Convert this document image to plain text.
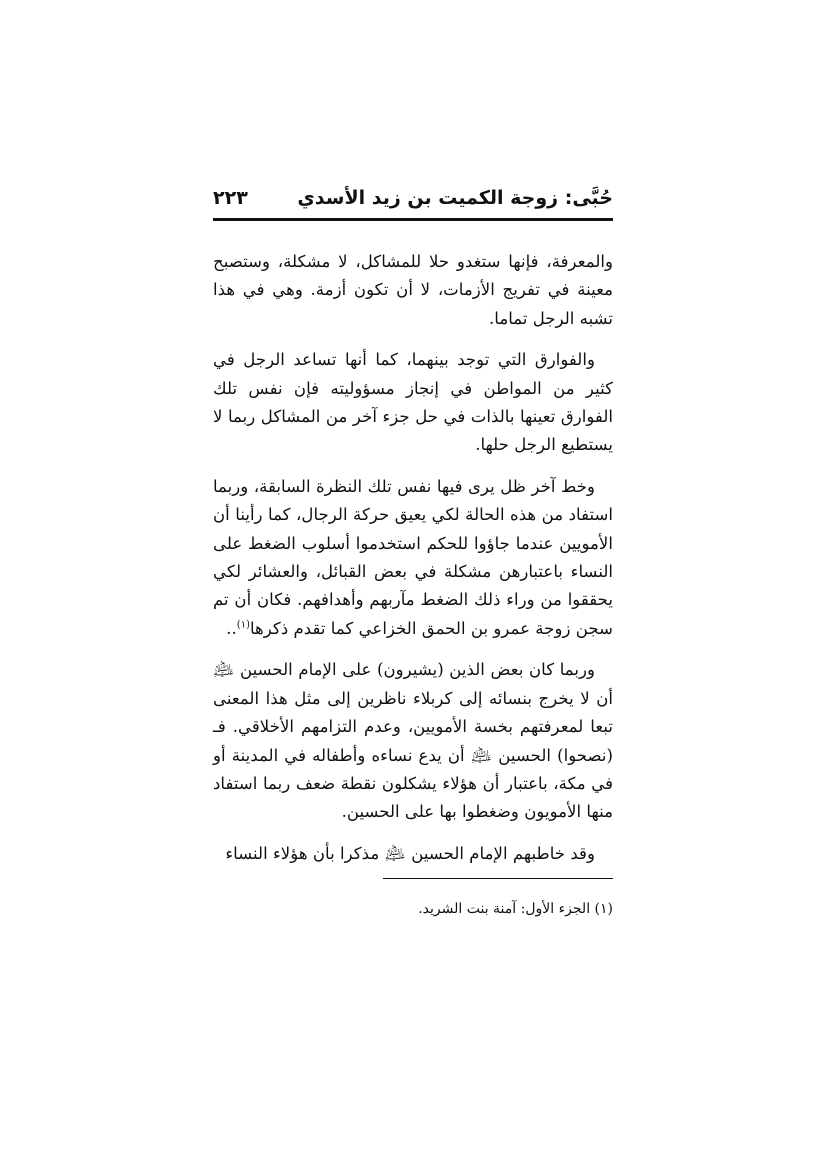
حُبَّى: زوجة الكميت بن زيد الأسدي
٢٢٣

والمعرفة، فإنها ستغدو حلا للمشاكل، لا مشكلة، وستصبح معينة في تفريج الأزمات، لا أن تكون أزمة. وهي في هذا تشبه الرجل تماما.

والفوارق التي توجد بينهما، كما أنها تساعد الرجل في كثير من المواطن في إنجاز مسؤوليته فإن نفس تلك الفوارق تعينها بالذات في حل جزء آخر من المشاكل ربما لا يستطيع الرجل حلها.

وخط آخر ظل يرى فيها نفس تلك النظرة السابقة، وربما استفاد من هذه الحالة لكي يعيق حركة الرجال، كما رأينا أن الأمويين عندما جاؤوا للحكم استخدموا أسلوب الضغط على النساء باعتبارهن مشكلة في بعض القبائل، والعشائر لكي يحققوا من وراء ذلك الضغط مآربهم وأهدافهم. فكان أن تم سجن زوجة عمرو بن الحمق الخزاعي كما تقدم ذكرها$^{(١)}$..

وربما كان بعض الذين (يشيرون) على الإمام الحسين ﵇ أن لا يخرج بنسائه إلى كربلاء ناظرين إلى مثل هذا المعنى تبعا لمعرفتهم بخسة الأمويين، وعدم التزامهم الأخلاقي. فـ (نصحوا) الحسين ﵇ أن يدع نساءه وأطفاله في المدينة أو في مكة، باعتبار أن هؤلاء يشكلون نقطة ضعف ربما استفاد منها الأمويون وضغطوا بها على الحسين.

وقد خاطبهم الإمام الحسين ﵇ مذكرا بأن هؤلاء النساء

(١) الجزء الأول: آمنة بنت الشريد.
